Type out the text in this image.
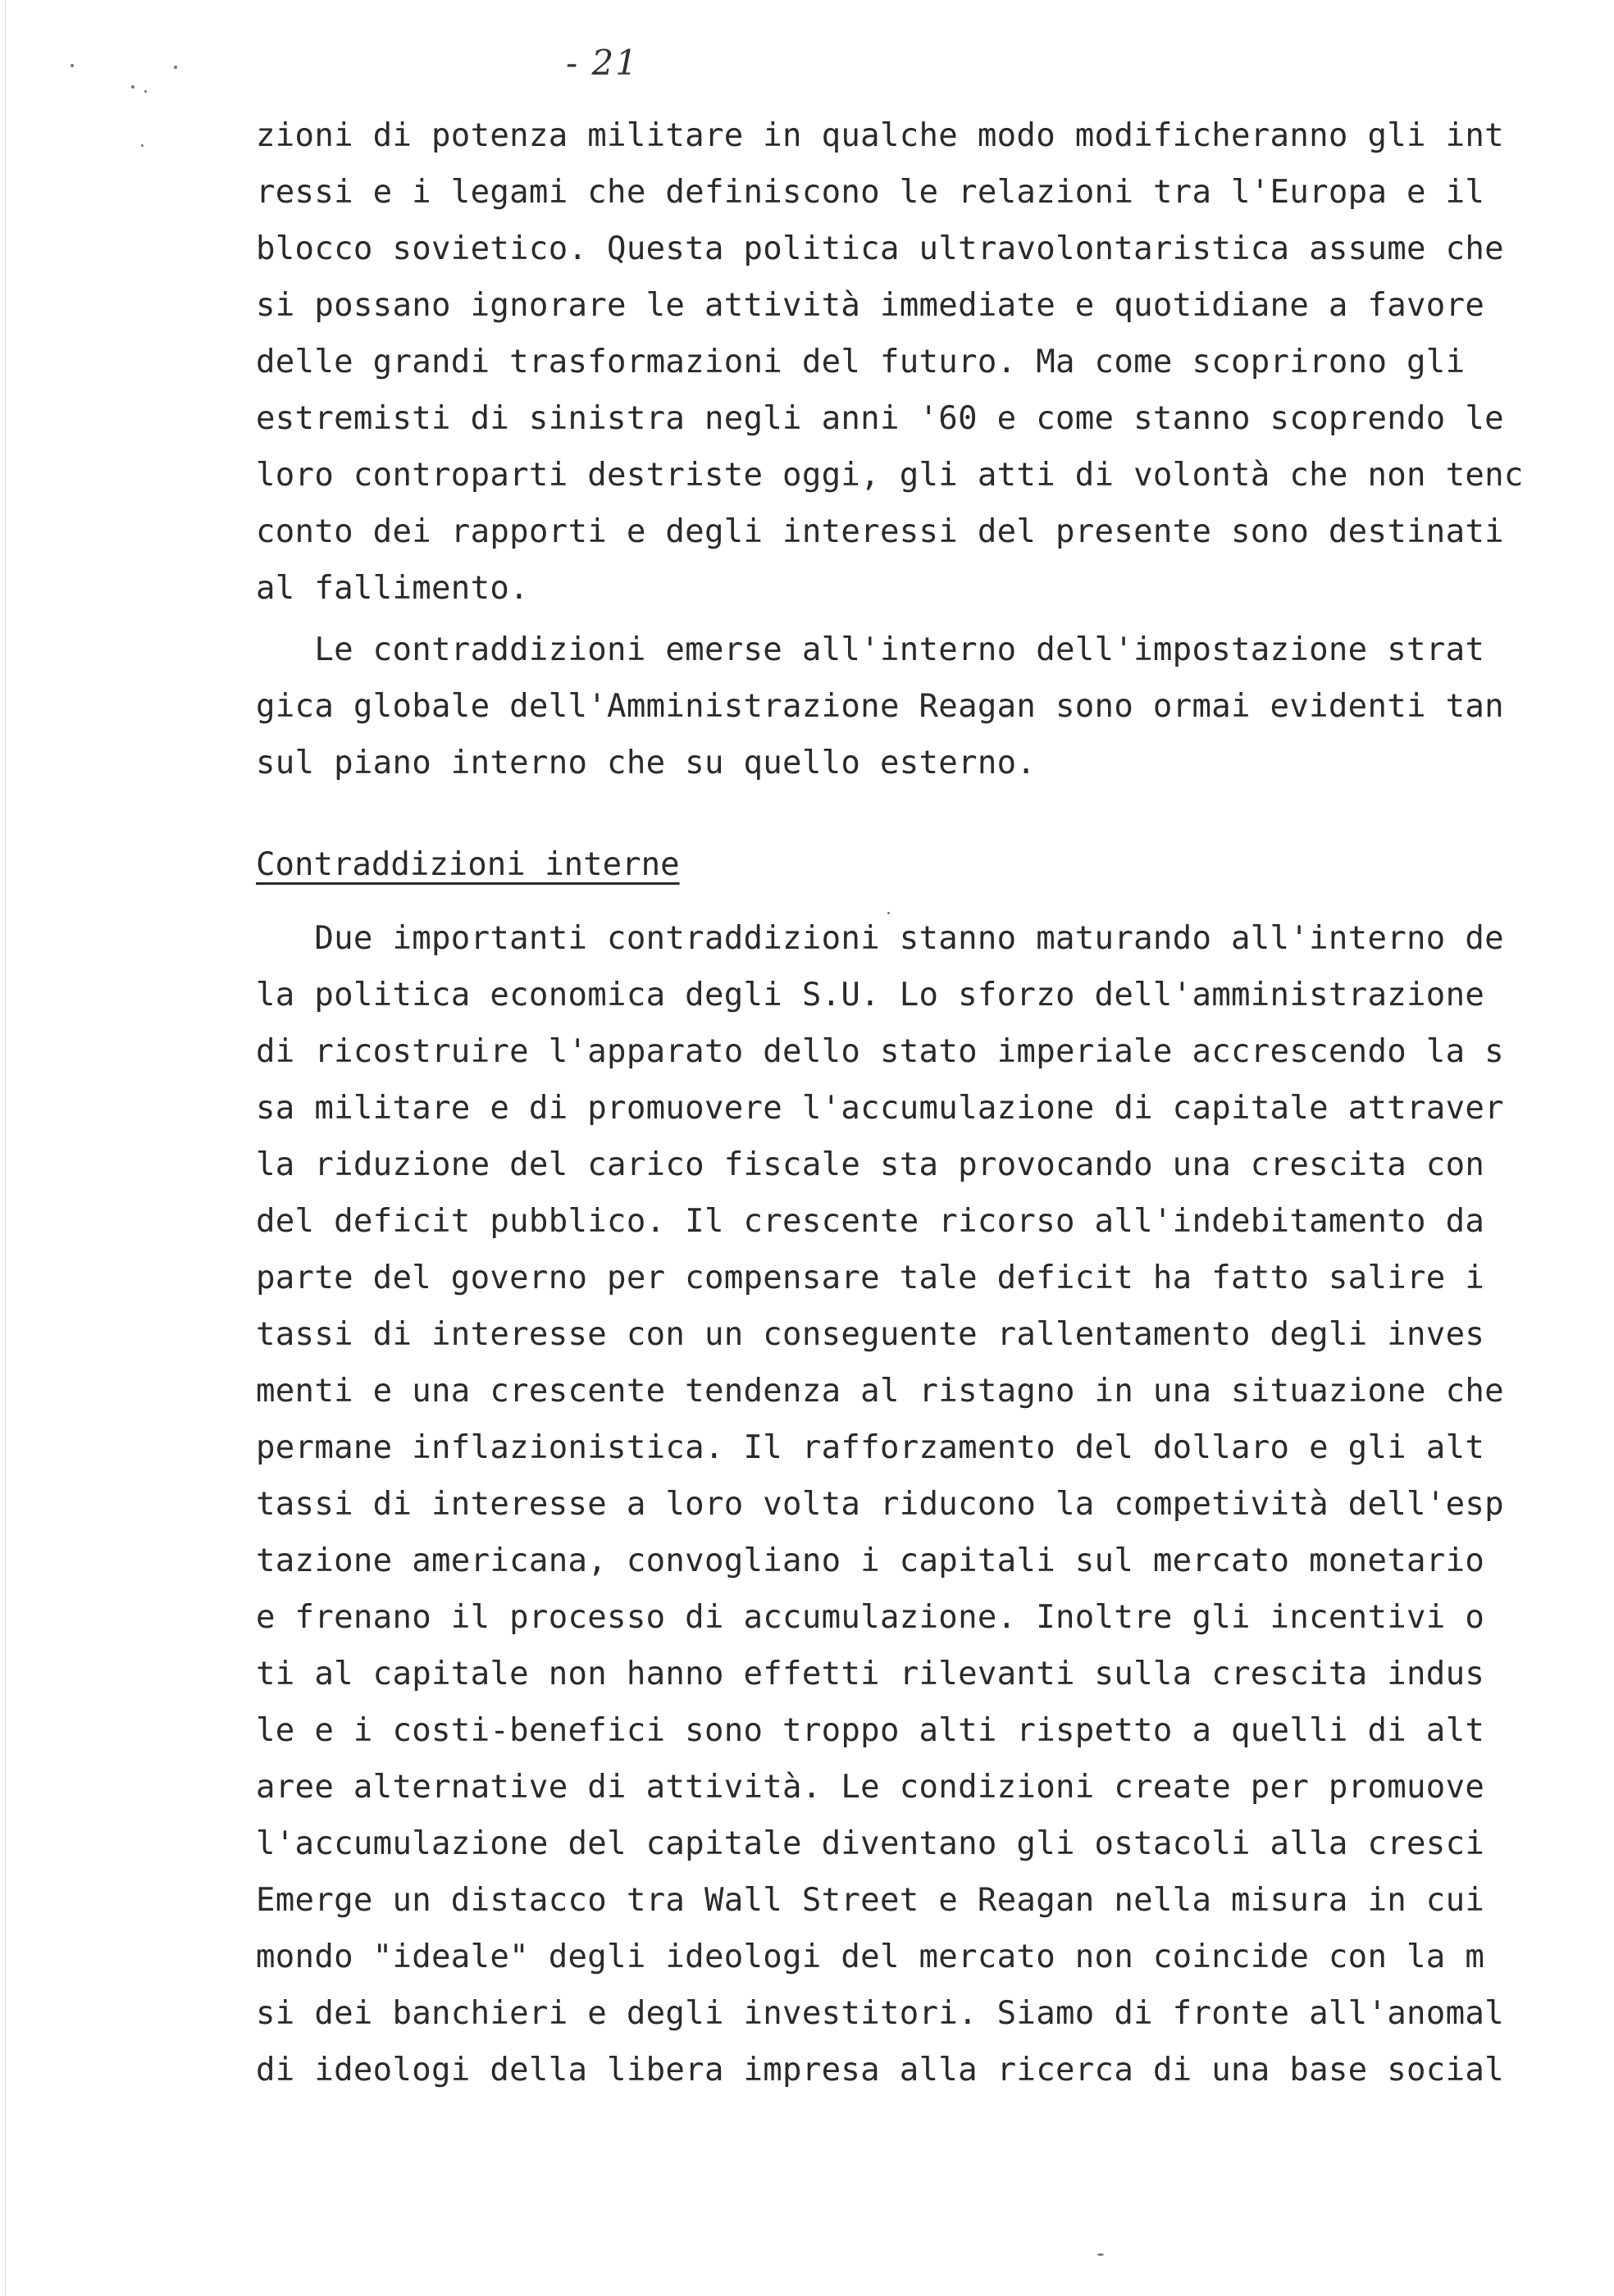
- 21
zioni di potenza militare in qualche modo modificheranno gli int
ressi e i legami che definiscono le relazioni tra l'Europa e il
blocco sovietico. Questa politica ultravolontaristica assume che
si possano ignorare le attività immediate e quotidiane a favore
delle grandi trasformazioni del futuro. Ma come scoprirono gli
estremisti di sinistra negli anni '60 e come stanno scoprendo le
loro controparti destriste oggi, gli atti di volontà che non tenc
conto dei rapporti e degli interessi del presente sono destinati
al fallimento.
Le contraddizioni emerse all'interno dell'impostazione strat
gica globale dell'Amministrazione Reagan sono ormai evidenti tan
sul piano interno che su quello esterno.
Contraddizioni interne
Due importanti contraddizioni stanno maturando all'interno de
la politica economica degli S.U. Lo sforzo dell'amministrazione
di ricostruire l'apparato dello stato imperiale accrescendo la s
sa militare e di promuovere l'accumulazione di capitale attraver
la riduzione del carico fiscale sta provocando una crescita con
del deficit pubblico. Il crescente ricorso all'indebitamento da
parte del governo per compensare tale deficit ha fatto salire i
tassi di interesse con un conseguente rallentamento degli inves
menti e una crescente tendenza al ristagno in una situazione che
permane inflazionistica. Il rafforzamento del dollaro e gli alt
tassi di interesse a loro volta riducono la competività dell'esp
tazione americana, convogliano i capitali sul mercato monetario
e frenano il processo di accumulazione. Inoltre gli incentivi o
ti al capitale non hanno effetti rilevanti sulla crescita indus
le e i costi-benefici sono troppo alti rispetto a quelli di alt
aree alternative di attività. Le condizioni create per promuove
l'accumulazione del capitale diventano gli ostacoli alla cresci
Emerge un distacco tra Wall Street e Reagan nella misura in cui
mondo "ideale" degli ideologi del mercato non coincide con la m
si dei banchieri e degli investitori. Siamo di fronte all'anomal
di ideologi della libera impresa alla ricerca di una base social
